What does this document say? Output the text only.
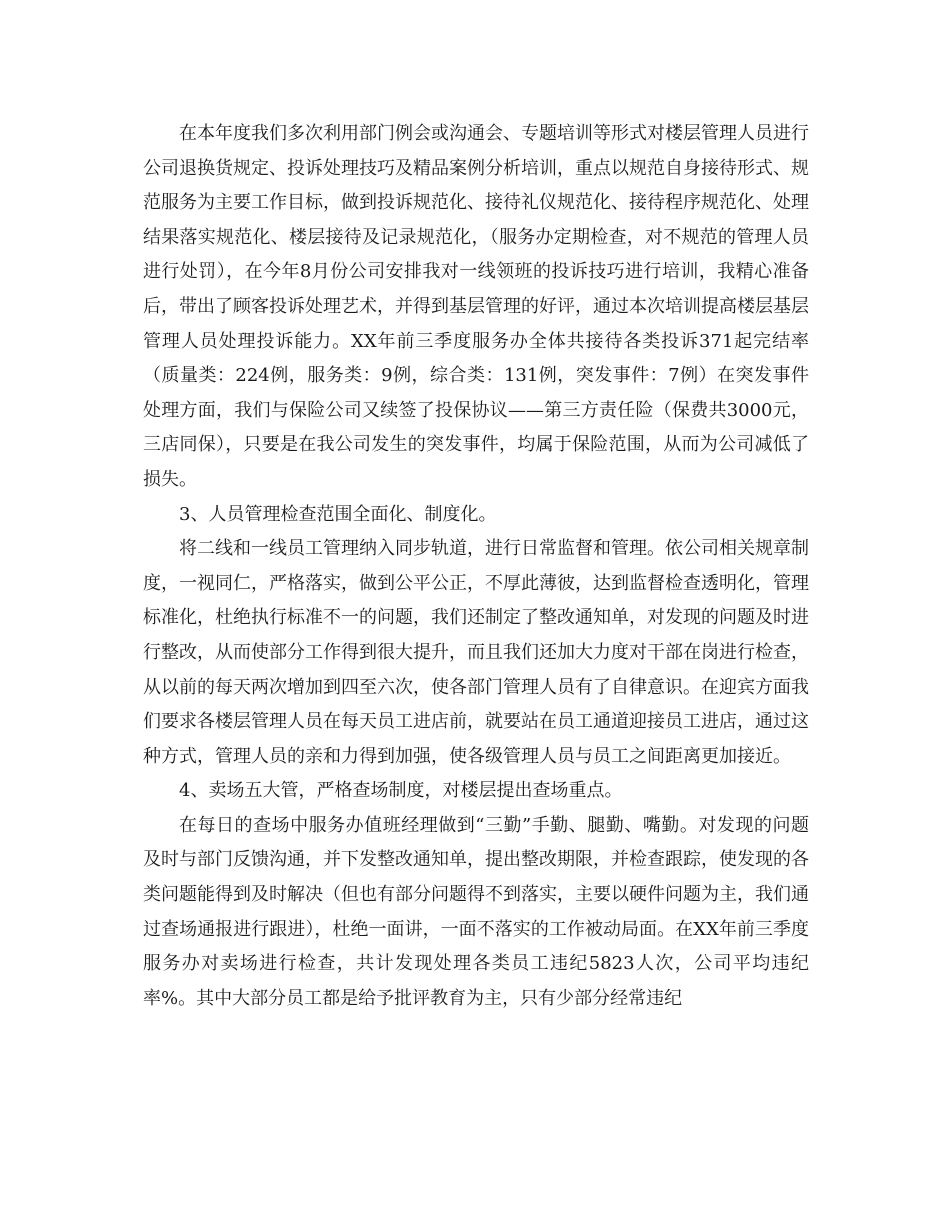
在本年度我们多次利用部门例会或沟通会、专题培训等形式对楼层管理人员进行公司退换货规定、投诉处理技巧及精品案例分析培训，重点以规范自身接待形式、规范服务为主要工作目标，做到投诉规范化、接待礼仪规范化、接待程序规范化、处理结果落实规范化、楼层接待及记录规范化，（服务办定期检查，对不规范的管理人员进行处罚），在今年8月份公司安排我对一线领班的投诉技巧进行培训，我精心准备后，带出了顾客投诉处理艺术，并得到基层管理的好评，通过本次培训提高楼层基层管理人员处理投诉能力。XX年前三季度服务办全体共接待各类投诉371起完结率（质量类：224例，服务类：9例，综合类：131例，突发事件：7例）在突发事件处理方面，我们与保险公司又续签了投保协议——第三方责任险（保费共3000元，三店同保），只要是在我公司发生的突发事件，均属于保险范围，从而为公司减低了损失。

3、人员管理检查范围全面化、制度化。

将二线和一线员工管理纳入同步轨道，进行日常监督和管理。依公司相关规章制度，一视同仁，严格落实，做到公平公正，不厚此薄彼，达到监督检查透明化，管理标准化，杜绝执行标准不一的问题，我们还制定了整改通知单，对发现的问题及时进行整改，从而使部分工作得到很大提升，而且我们还加大力度对干部在岗进行检查，从以前的每天两次增加到四至六次，使各部门管理人员有了自律意识。在迎宾方面我们要求各楼层管理人员在每天员工进店前，就要站在员工通道迎接员工进店，通过这种方式，管理人员的亲和力得到加强，使各级管理人员与员工之间距离更加接近。

4、卖场五大管，严格查场制度，对楼层提出查场重点。

在每日的查场中服务办值班经理做到“三勤”手勤、腿勤、嘴勤。对发现的问题及时与部门反馈沟通，并下发整改通知单，提出整改期限，并检查跟踪，使发现的各类问题能得到及时解决（但也有部分问题得不到落实，主要以硬件问题为主，我们通过查场通报进行跟进），杜绝一面讲，一面不落实的工作被动局面。在XX年前三季度服务办对卖场进行检查，共计发现处理各类员工违纪5823人次，公司平均违纪率%。其中大部分员工都是给予批评教育为主，只有少部分经常违纪
